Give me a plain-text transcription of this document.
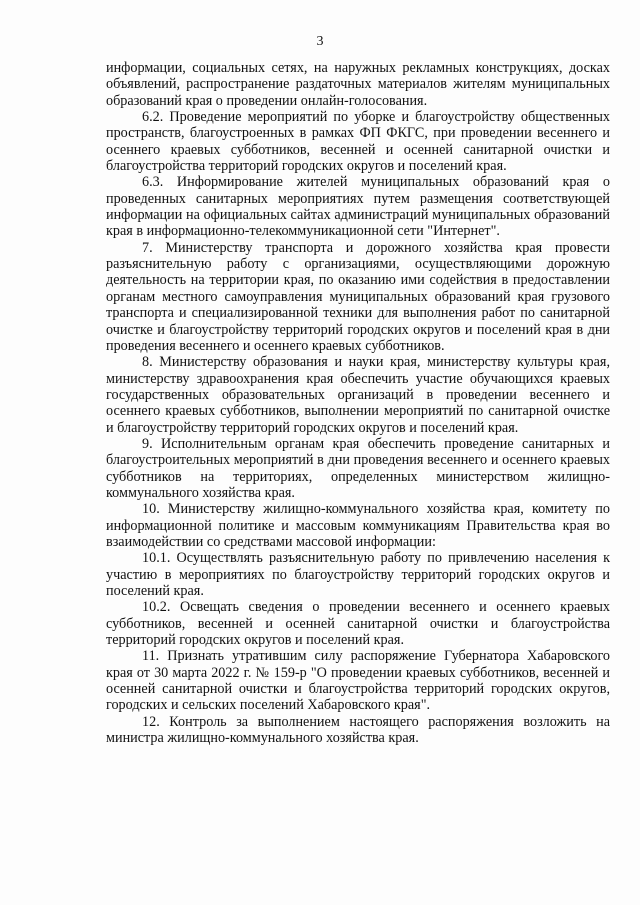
3

информации, социальных сетях, на наружных рекламных конструкциях, досках объявлений, распространение раздаточных материалов жителям муниципальных образований края о проведении онлайн-голосования.

6.2. Проведение мероприятий по уборке и благоустройству общественных пространств, благоустроенных в рамках ФП ФКГС, при проведении весеннего и осеннего краевых субботников, весенней и осенней санитарной очистки и благоустройства территорий городских округов и поселений края.

6.3. Информирование жителей муниципальных образований края о проведенных санитарных мероприятиях путем размещения соответствующей информации на официальных сайтах администраций муниципальных образований края в информационно-телекоммуникационной сети "Интернет".

7. Министерству транспорта и дорожного хозяйства края провести разъяснительную работу с организациями, осуществляющими дорожную деятельность на территории края, по оказанию ими содействия в предоставлении органам местного самоуправления муниципальных образований края грузового транспорта и специализированной техники для выполнения работ по санитарной очистке и благоустройству территорий городских округов и поселений края в дни проведения весеннего и осеннего краевых субботников.

8. Министерству образования и науки края, министерству культуры края, министерству здравоохранения края обеспечить участие обучающихся краевых государственных образовательных организаций в проведении весеннего и осеннего краевых субботников, выполнении мероприятий по санитарной очистке и благоустройству территорий городских округов и поселений края.

9. Исполнительным органам края обеспечить проведение санитарных и благоустроительных мероприятий в дни проведения весеннего и осеннего краевых субботников на территориях, определенных министерством жилищно-коммунального хозяйства края.

10. Министерству жилищно-коммунального хозяйства края, комитету по информационной политике и массовым коммуникациям Правительства края во взаимодействии со средствами массовой информации:

10.1. Осуществлять разъяснительную работу по привлечению населения к участию в мероприятиях по благоустройству территорий городских округов и поселений края.

10.2. Освещать сведения о проведении весеннего и осеннего краевых субботников, весенней и осенней санитарной очистки и благоустройства территорий городских округов и поселений края.

11. Признать утратившим силу распоряжение Губернатора Хабаровского края от 30 марта 2022 г. № 159-р "О проведении краевых субботников, весенней и осенней санитарной очистки и благоустройства территорий городских округов, городских и сельских поселений Хабаровского края".

12. Контроль за выполнением настоящего распоряжения возложить на министра жилищно-коммунального хозяйства края.
